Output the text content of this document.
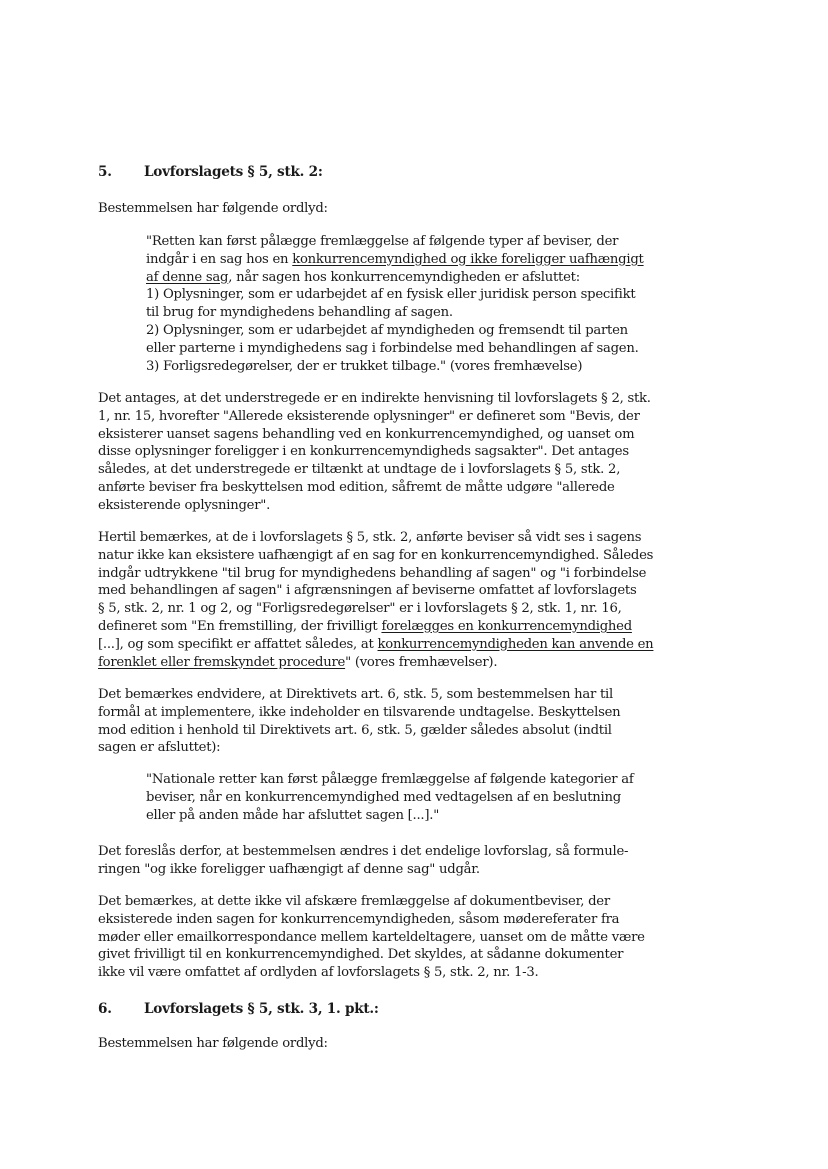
5. Lovforslagets § 5, stk. 2:
Bestemmelsen har følgende ordlyd:
"Retten kan først pålægge fremlæggelse af følgende typer af beviser, der
indgår i en sag hos en konkurrencemyndighed og ikke foreligger uafhængigt
af denne sag, når sagen hos konkurrencemyndigheden er afsluttet:
1) Oplysninger, som er udarbejdet af en fysisk eller juridisk person specifikt
til brug for myndighedens behandling af sagen.
2) Oplysninger, som er udarbejdet af myndigheden og fremsendt til parten
eller parterne i myndighedens sag i forbindelse med behandlingen af sagen.
3) Forligsredegørelser, der er trukket tilbage." (vores fremhævelse)
Det antages, at det understregede er en indirekte henvisning til lovforslagets § 2, stk.
1, nr. 15, hvorefter "Allerede eksisterende oplysninger" er defineret som "Bevis, der
eksisterer uanset sagens behandling ved en konkurrencemyndighed, og uanset om
disse oplysninger foreligger i en konkurrencemyndigheds sagsakter". Det antages
således, at det understregede er tiltænkt at undtage de i lovforslagets § 5, stk. 2,
anførte beviser fra beskyttelsen mod edition, såfremt de måtte udgøre "allerede
eksisterende oplysninger".
Hertil bemærkes, at de i lovforslagets § 5, stk. 2, anførte beviser så vidt ses i sagens
natur ikke kan eksistere uafhængigt af en sag for en konkurrencemyndighed. Således
indgår udtrykkene "til brug for myndighedens behandling af sagen" og "i forbindelse
med behandlingen af sagen" i afgrænsningen af beviserne omfattet af lovforslagets
§ 5, stk. 2, nr. 1 og 2, og "Forligsredegørelser" er i lovforslagets § 2, stk. 1, nr. 16,
defineret som "En fremstilling, der frivilligt forelægges en konkurrencemyndighed
[...], og som specifikt er affattet således, at konkurrencemyndigheden kan anvende en
forenklet eller fremskyndet procedure" (vores fremhævelser).
Det bemærkes endvidere, at Direktivets art. 6, stk. 5, som bestemmelsen har til
formål at implementere, ikke indeholder en tilsvarende undtagelse. Beskyttelsen
mod edition i henhold til Direktivets art. 6, stk. 5, gælder således absolut (indtil
sagen er afsluttet):
"Nationale retter kan først pålægge fremlæggelse af følgende kategorier af
beviser, når en konkurrencemyndighed med vedtagelsen af en beslutning
eller på anden måde har afsluttet sagen [...]."
Det foreslås derfor, at bestemmelsen ændres i det endelige lovforslag, så formule-
ringen "og ikke foreligger uafhængigt af denne sag" udgår.
Det bemærkes, at dette ikke vil afskære fremlæggelse af dokumentbeviser, der
eksisterede inden sagen for konkurrencemyndigheden, såsom mødereferater fra
møder eller emailkorrespondance mellem karteldeltagere, uanset om de måtte være
givet frivilligt til en konkurrencemyndighed. Det skyldes, at sådanne dokumenter
ikke vil være omfattet af ordlyden af lovforslagets § 5, stk. 2, nr. 1-3.
6. Lovforslagets § 5, stk. 3, 1. pkt.:
Bestemmelsen har følgende ordlyd:
